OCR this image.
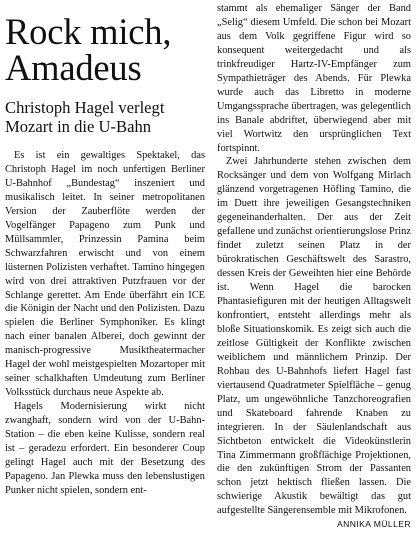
Rock mich,
Amadeus
Christoph Hagel verlegt
Mozart in die U-Bahn

Es ist ein gewaltiges Spektakel, das Christoph Hagel im noch unfertigen Berliner U-Bahnhof „Bundestag“ inszeniert und musikalisch leitet. In seiner metropolitanen Version der Zauberflöte werden der Vogelfänger Papageno zum Punk und Müllsammler, Prinzessin Pamina beim Schwarzfahren erwischt und von einem lüsternen Polizisten verhaftet. Tamino hingegen wird von drei attraktiven Putzfrauen vor der Schlange gerettet. Am Ende überfährt ein ICE die Königin der Nacht und den Polizisten. Dazu spielen die Berliner Symphoniker. Es klingt nach einer banalen Alberei, doch gewinnt der manisch-progressive Musiktheatermacher Hagel der wohl meistgespielten Mozartoper mit seiner schalkhaften Umdeutung zum Berliner Volksstück durchaus neue Aspekte ab.

Hagels Modernisierung wirkt nicht zwanghaft, sondern wird von der U-Bahn-Station – die eben keine Kulisse, sondern real ist – geradezu erfordert. Ein besonderer Coup gelingt Hagel auch mit der Besetzung des Papageno. Jan Plewka muss den lebenslustigen Punker nicht spielen, sondern ent-

stammt als ehemaliger Sänger der Band „Selig“ diesem Umfeld. Die schon bei Mozart aus dem Volk gegriffene Figur wird so konsequent weitergedacht und als trinkfreudiger Hartz-IV-Empfänger zum Sympathieträger des Abends. Für Plewka wurde auch das Libretto in moderne Umgangssprache übertragen, was gelegentlich ins Banale abdriftet, überwiegend aber mit viel Wortwitz den ursprünglichen Text fortspinnt.

Zwei Jahrhunderte stehen zwischen dem Rocksänger und dem von Wolfgang Mirlach glänzend vorgetragenen Höfling Tamino, die im Duett ihre jeweiligen Gesangstechniken gegeneinanderhalten. Der aus der Zeit gefallene und zunächst orientierungslose Prinz findet zuletzt seinen Platz in der bürokratischen Geschäftswelt des Sarastro, dessen Kreis der Geweihten hier eine Behörde ist. Wenn Hagel die barocken Phantasiefiguren mit der heutigen Alltagswelt konfrontiert, entsteht allerdings mehr als bloße Situationskomik. Es zeigt sich auch die zeitlose Gültigkeit der Konflikte zwischen weiblichem und männlichem Prinzip. Der Rohbau des U-Bahnhofs liefert Hagel fast viertausend Quadratmeter Spielfläche – genug Platz, um ungewöhnliche Tanzchoreografien und Skateboard fahrende Knaben zu integrieren. In der Säulenlandschaft aus Sichtbeton entwickelt die Videokünstlerin Tina Zimmermann großflächige Projektionen, die den zukünftigen Strom der Passanten schon jetzt hektisch fließen lassen. Die schwierige Akustik bewältigt das gut aufgestellte Sängerensemble mit Mikrofonen.

ANNIKA MÜLLER
